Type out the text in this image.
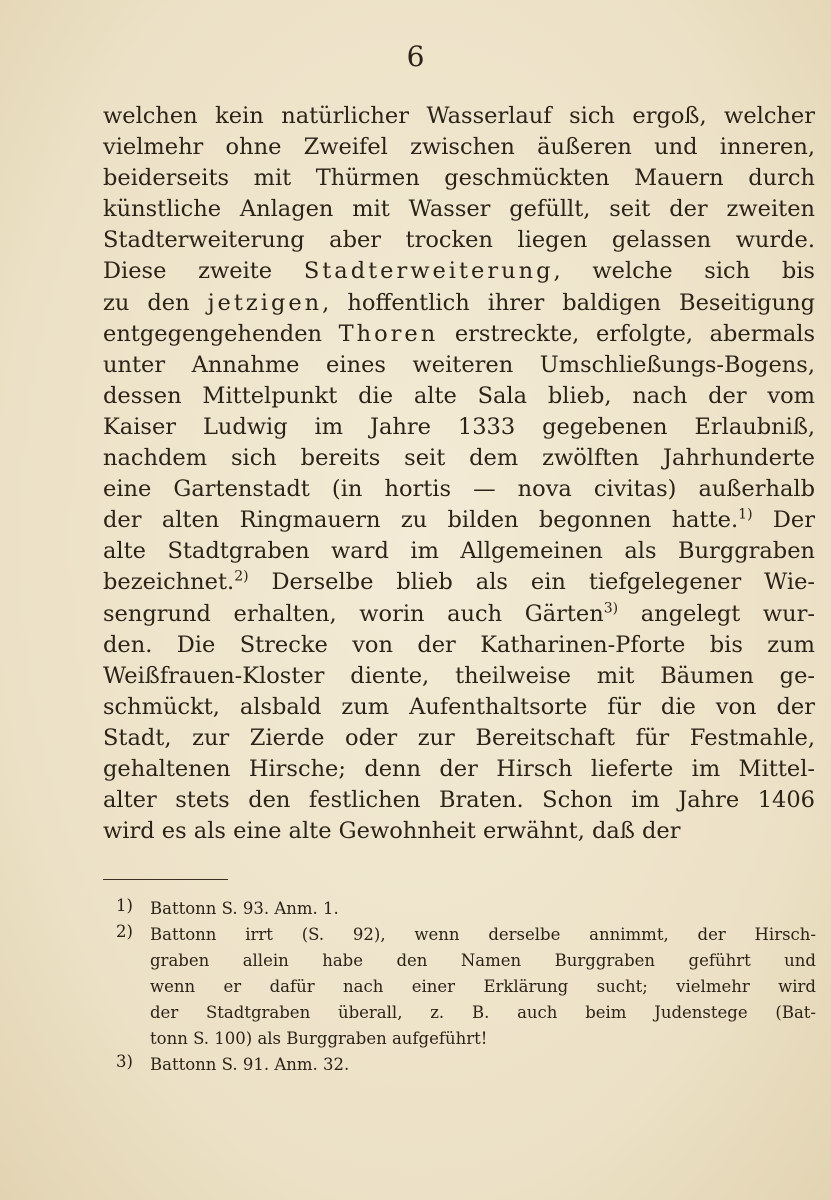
6
welchen kein natürlicher Wasserlauf sich ergoß, welcher
vielmehr ohne Zweifel zwischen äußeren und inneren,
beiderseits mit Thürmen geschmückten Mauern durch
künstliche Anlagen mit Wasser gefüllt, seit der zweiten
Stadterweiterung aber trocken liegen gelassen wurde.
Diese zweite Stadterweiterung, welche sich bis
zu den jetzigen, hoffentlich ihrer baldigen Beseitigung
entgegengehenden Thoren erstreckte, erfolgte, abermals
unter Annahme eines weiteren Umschließungs-Bogens,
dessen Mittelpunkt die alte Sala blieb, nach der vom
Kaiser Ludwig im Jahre 1333 gegebenen Erlaubniß,
nachdem sich bereits seit dem zwölften Jahrhunderte
eine Gartenstadt (in hortis — nova civitas) außerhalb
der alten Ringmauern zu bilden begonnen hatte.$^{1)}$ Der
alte Stadtgraben ward im Allgemeinen als Burggraben
bezeichnet.$^{2)}$ Derselbe blieb als ein tiefgelegener Wie-
sengrund erhalten, worin auch Gärten$^{3)}$ angelegt wur-
den. Die Strecke von der Katharinen-Pforte bis zum
Weißfrauen-Kloster diente, theilweise mit Bäumen ge-
schmückt, alsbald zum Aufenthaltsorte für die von der
Stadt, zur Zierde oder zur Bereitschaft für Festmahle,
gehaltenen Hirsche; denn der Hirsch lieferte im Mittel-
alter stets den festlichen Braten. Schon im Jahre 1406
wird es als eine alte Gewohnheit erwähnt, daß der
1) Battonn S. 93. Anm. 1.
2) Battonn irrt (S. 92), wenn derselbe annimmt, der Hirsch-
graben allein habe den Namen Burggraben geführt und
wenn er dafür nach einer Erklärung sucht; vielmehr wird
der Stadtgraben überall, z. B. auch beim Judenstege (Bat-
tonn S. 100) als Burggraben aufgeführt!
3) Battonn S. 91. Anm. 32.
